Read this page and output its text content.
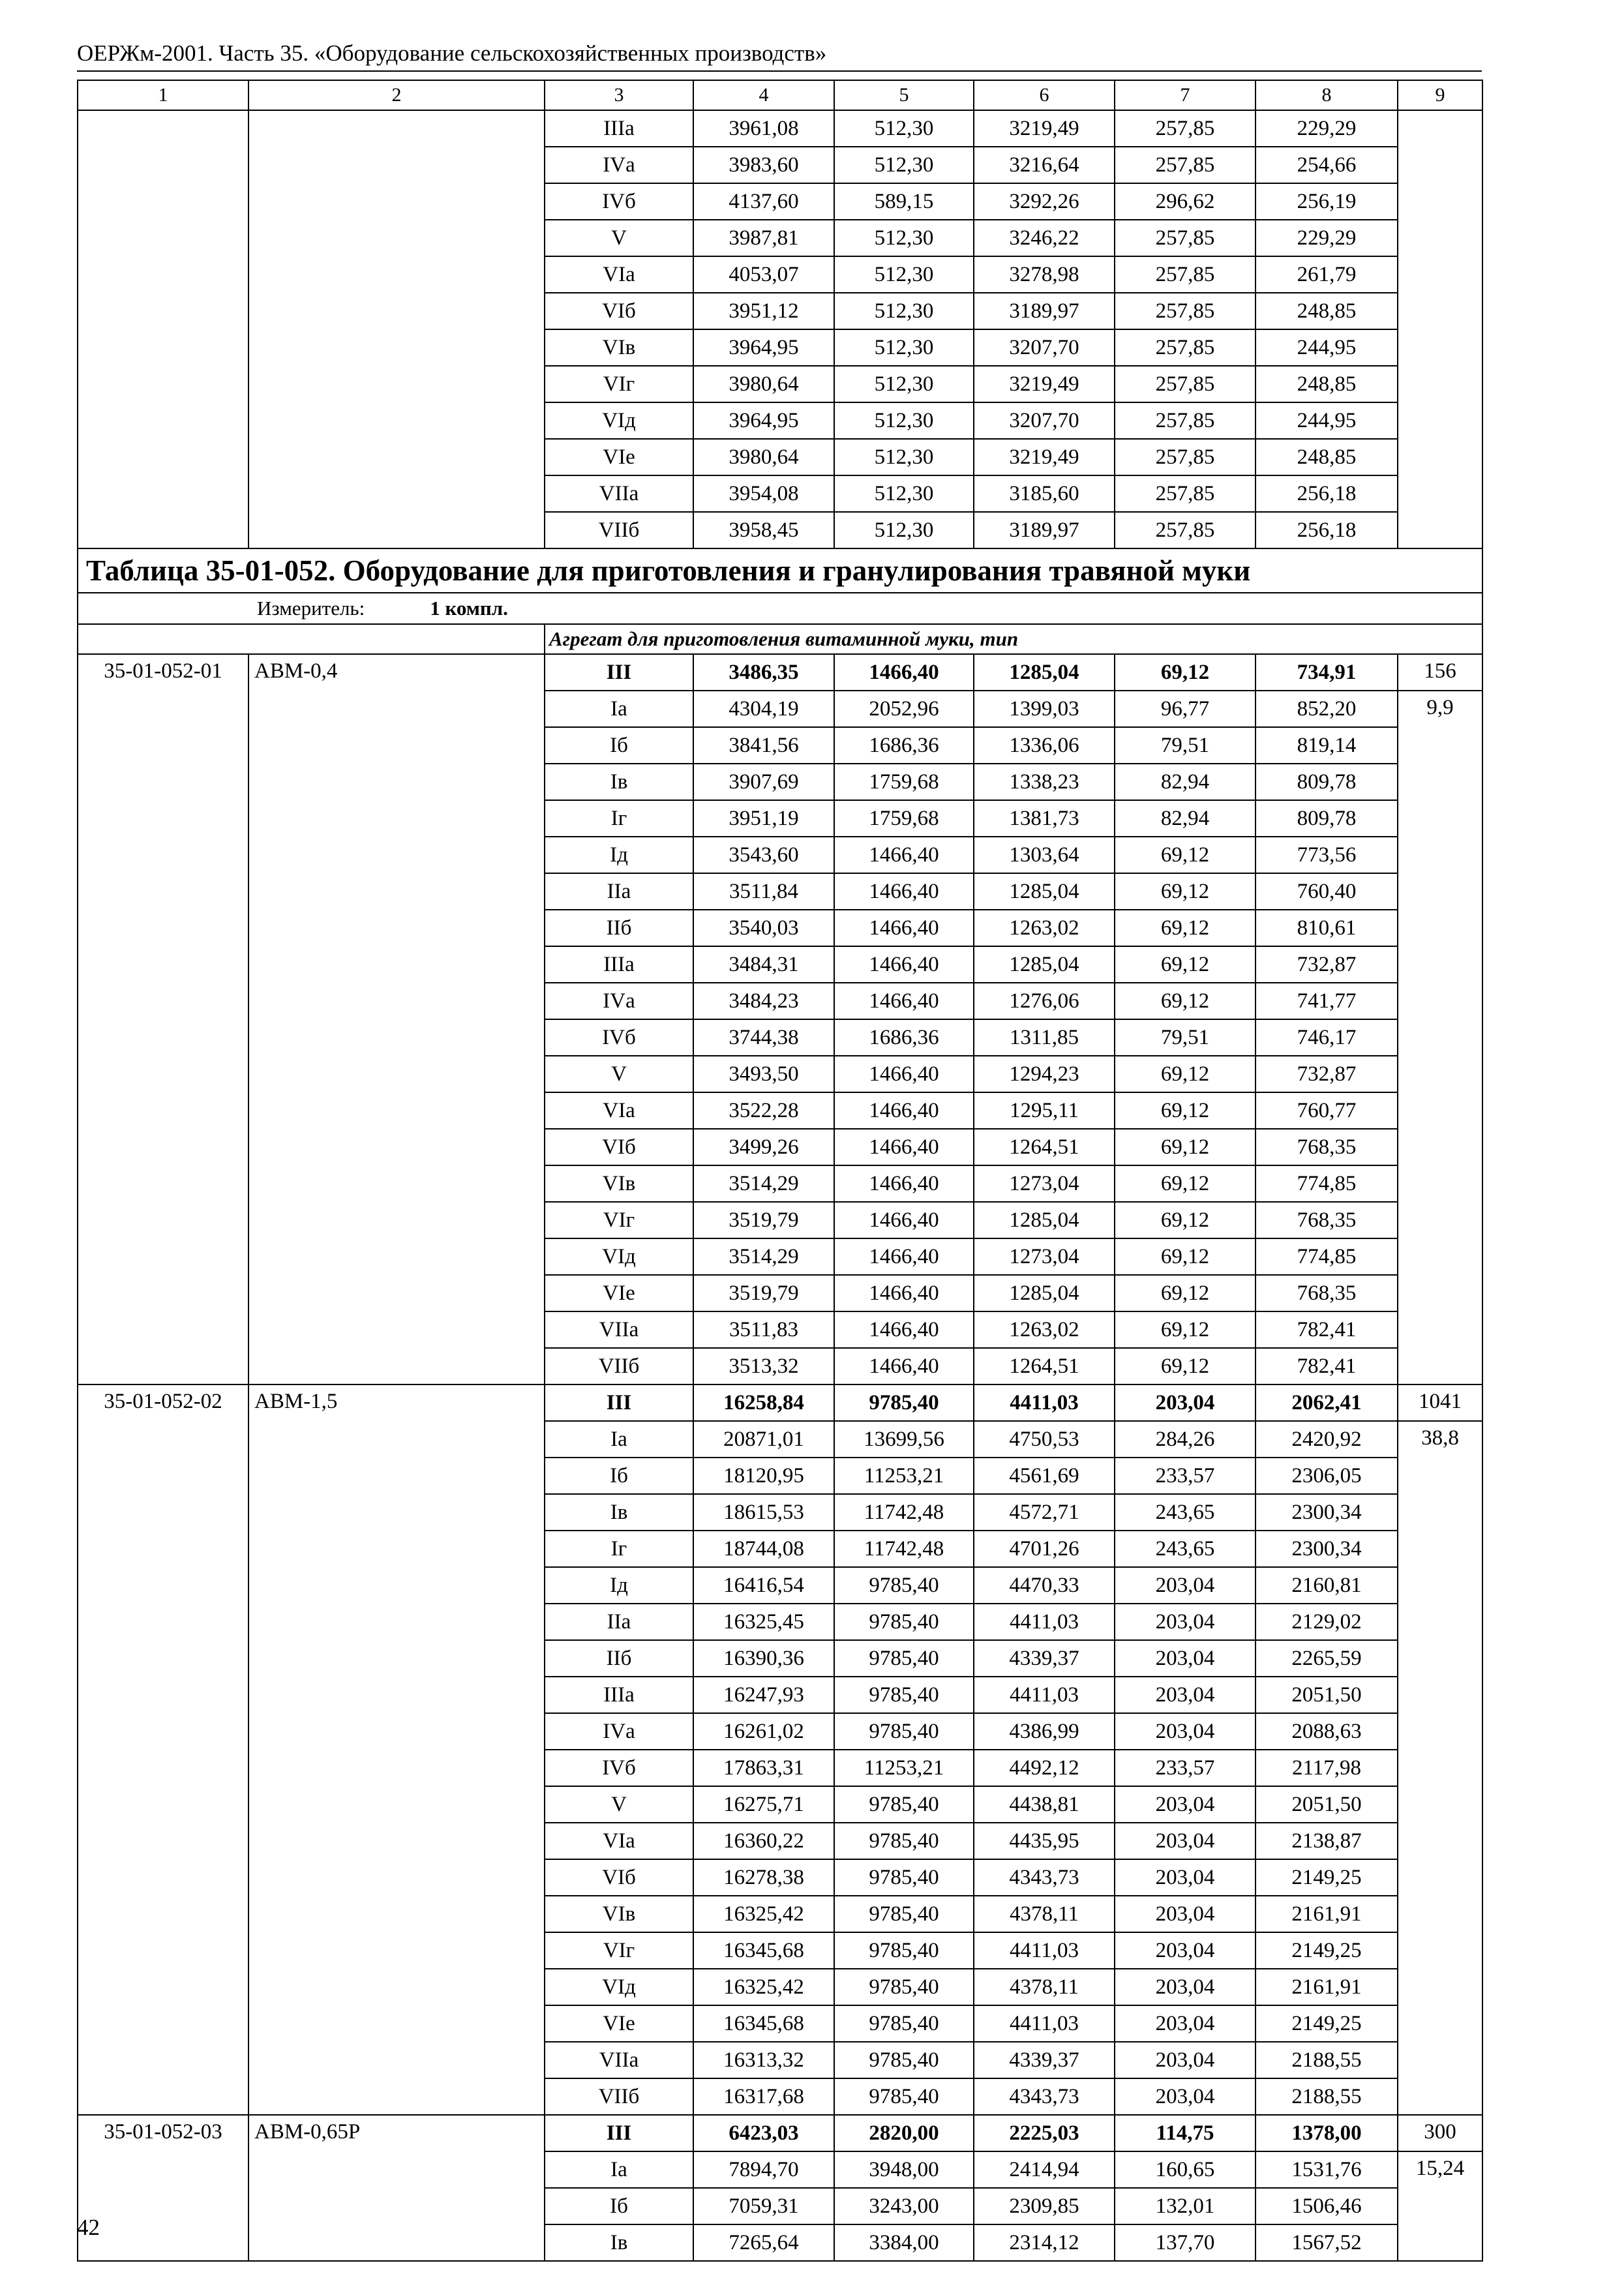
ОЕРЖм-2001. Часть 35. «Оборудование сельскохозяйственных производств»
1	2	3	4	5	6	7	8	9
		IIIа	3961,08	512,30	3219,49	257,85	229,29	
		IVа	3983,60	512,30	3216,64	257,85	254,66	
		IVб	4137,60	589,15	3292,26	296,62	256,19	
		V	3987,81	512,30	3246,22	257,85	229,29	
		VIа	4053,07	512,30	3278,98	257,85	261,79	
		VIб	3951,12	512,30	3189,97	257,85	248,85	
		VIв	3964,95	512,30	3207,70	257,85	244,95	
		VIг	3980,64	512,30	3219,49	257,85	248,85	
		VIд	3964,95	512,30	3207,70	257,85	244,95	
		VIе	3980,64	512,30	3219,49	257,85	248,85	
		VIIа	3954,08	512,30	3185,60	257,85	256,18	
		VIIб	3958,45	512,30	3189,97	257,85	256,18	
Таблица 35-01-052. Оборудование для приготовления и гранулирования травяной муки								
Измеритель: 1 компл.								
		Агрегат для приготовления витаминной муки, тип						
35-01-052-01	АВМ-0,4	III	3486,35	1466,40	1285,04	69,12	734,91	156
		Iа	4304,19	2052,96	1399,03	96,77	852,20	9,9
		Iб	3841,56	1686,36	1336,06	79,51	819,14	
		Iв	3907,69	1759,68	1338,23	82,94	809,78	
		Iг	3951,19	1759,68	1381,73	82,94	809,78	
		Iд	3543,60	1466,40	1303,64	69,12	773,56	
		IIа	3511,84	1466,40	1285,04	69,12	760,40	
		IIб	3540,03	1466,40	1263,02	69,12	810,61	
		IIIа	3484,31	1466,40	1285,04	69,12	732,87	
		IVа	3484,23	1466,40	1276,06	69,12	741,77	
		IVб	3744,38	1686,36	1311,85	79,51	746,17	
		V	3493,50	1466,40	1294,23	69,12	732,87	
		VIа	3522,28	1466,40	1295,11	69,12	760,77	
		VIб	3499,26	1466,40	1264,51	69,12	768,35	
		VIв	3514,29	1466,40	1273,04	69,12	774,85	
		VIг	3519,79	1466,40	1285,04	69,12	768,35	
		VIд	3514,29	1466,40	1273,04	69,12	774,85	
		VIе	3519,79	1466,40	1285,04	69,12	768,35	
		VIIа	3511,83	1466,40	1263,02	69,12	782,41	
		VIIб	3513,32	1466,40	1264,51	69,12	782,41	
35-01-052-02	АВМ-1,5	III	16258,84	9785,40	4411,03	203,04	2062,41	1041
		Iа	20871,01	13699,56	4750,53	284,26	2420,92	38,8
		Iб	18120,95	11253,21	4561,69	233,57	2306,05	
		Iв	18615,53	11742,48	4572,71	243,65	2300,34	
		Iг	18744,08	11742,48	4701,26	243,65	2300,34	
		Iд	16416,54	9785,40	4470,33	203,04	2160,81	
		IIа	16325,45	9785,40	4411,03	203,04	2129,02	
		IIб	16390,36	9785,40	4339,37	203,04	2265,59	
		IIIа	16247,93	9785,40	4411,03	203,04	2051,50	
		IVа	16261,02	9785,40	4386,99	203,04	2088,63	
		IVб	17863,31	11253,21	4492,12	233,57	2117,98	
		V	16275,71	9785,40	4438,81	203,04	2051,50	
		VIа	16360,22	9785,40	4435,95	203,04	2138,87	
		VIб	16278,38	9785,40	4343,73	203,04	2149,25	
		VIв	16325,42	9785,40	4378,11	203,04	2161,91	
		VIг	16345,68	9785,40	4411,03	203,04	2149,25	
		VIд	16325,42	9785,40	4378,11	203,04	2161,91	
		VIе	16345,68	9785,40	4411,03	203,04	2149,25	
		VIIа	16313,32	9785,40	4339,37	203,04	2188,55	
		VIIб	16317,68	9785,40	4343,73	203,04	2188,55	
35-01-052-03	АВМ-0,65Р	III	6423,03	2820,00	2225,03	114,75	1378,00	300
		Iа	7894,70	3948,00	2414,94	160,65	1531,76	15,24
		Iб	7059,31	3243,00	2309,85	132,01	1506,46	
		Iв	7265,64	3384,00	2314,12	137,70	1567,52	
42
